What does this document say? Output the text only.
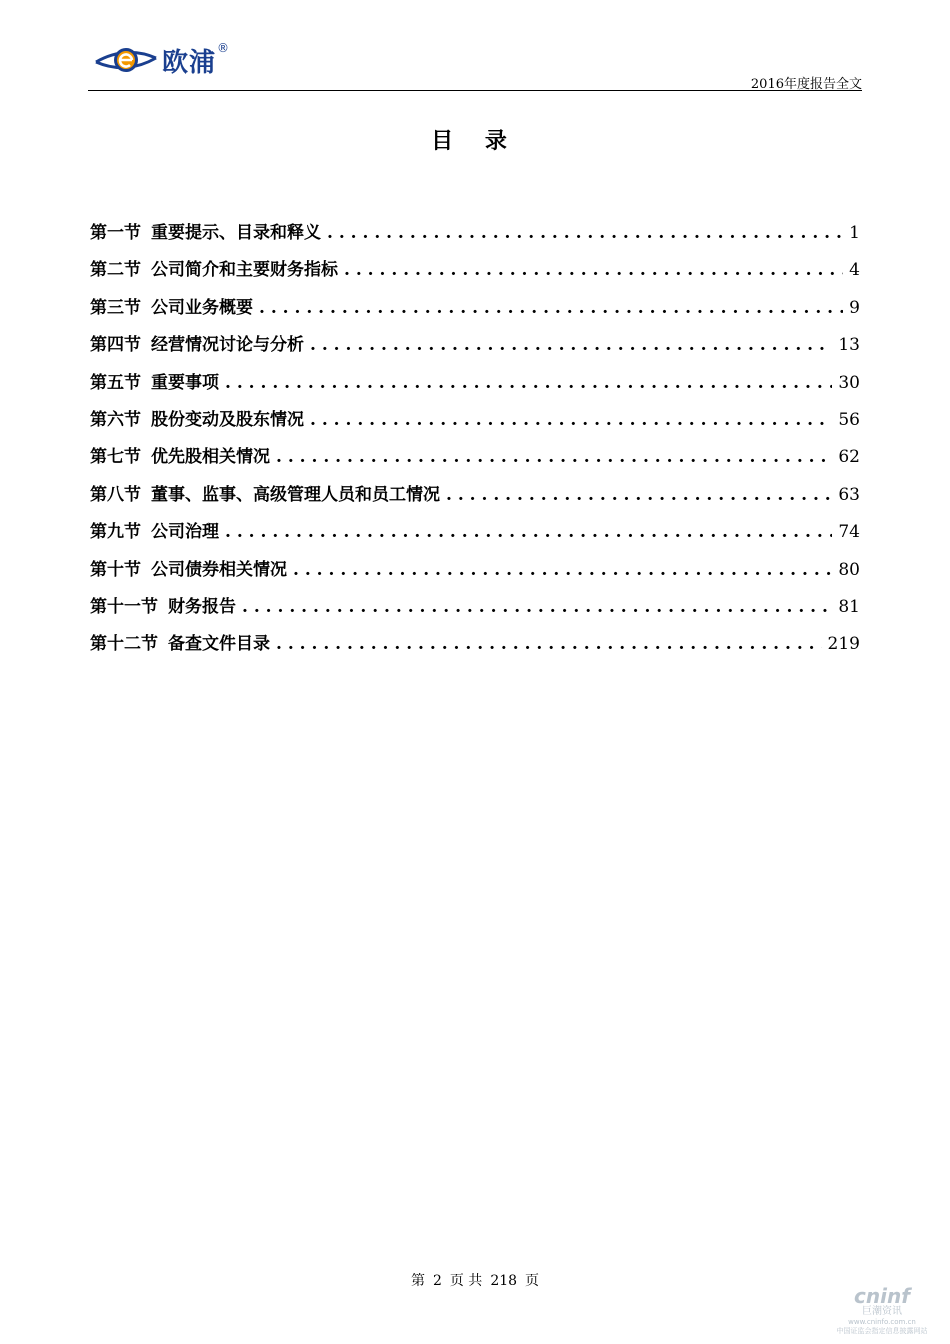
欧浦 ®
2016年度报告全文
目 录
第一节 重要提示、目录和释义 . . .	1
第二节 公司简介和主要财务指标 . . .	4
第三节 公司业务概要 . . .	9
第四节 经营情况讨论与分析 . . .	13
第五节 重要事项 . . .	30
第六节 股份变动及股东情况 . . .	56
第七节 优先股相关情况 . . .	62
第八节 董事、监事、高级管理人员和员工情况 . . .	63
第九节 公司治理 . . .	74
第十节 公司债券相关情况 . . .	80
第十一节 财务报告 . . .	81
第十二节 备查文件目录 . . .	219
第 2 页 共 218 页
cninf
巨潮资讯
www.cninfo.com.cn
中国证监会指定信息披露网站
